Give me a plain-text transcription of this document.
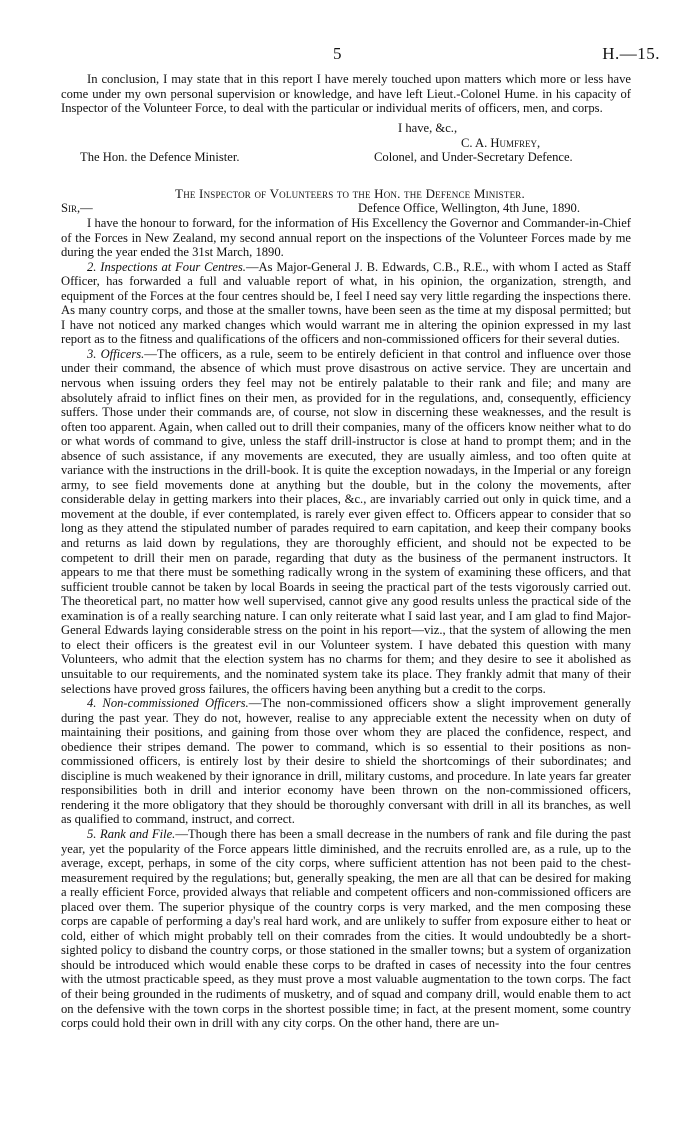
5	H.—15.
In conclusion, I may state that in this report I have merely touched upon matters which more or less have come under my own personal supervision or knowledge, and have left Lieut.-Colonel Hume. in his capacity of Inspector of the Volunteer Force, to deal with the particular or individual merits of officers, men, and corps.
I have, &c.,
C. A. Humfrey,
The Hon. the Defence Minister.	Colonel, and Under-Secretary Defence.
The Inspector of Volunteers to the Hon. the Defence Minister.
Sir,—	Defence Office, Wellington, 4th June, 1890.

I have the honour to forward, for the information of His Excellency the Governor and Commander-in-Chief of the Forces in New Zealand, my second annual report on the inspections of the Volunteer Forces made by me during the year ended the 31st March, 1890.

2. Inspections at Four Centres.—As Major-General J. B. Edwards, C.B., R.E., with whom I acted as Staff Officer, has forwarded a full and valuable report of what, in his opinion, the organization, strength, and equipment of the Forces at the four centres should be, I feel I need say very little regarding the inspections there. As many country corps, and those at the smaller towns, have been seen as the time at my disposal permitted; but I have not noticed any marked changes which would warrant me in altering the opinion expressed in my last report as to the fitness and qualifications of the officers and non-commissioned officers for their several duties.

3. Officers.—The officers, as a rule, seem to be entirely deficient in that control and influence over those under their command, the absence of which must prove disastrous on active service. They are uncertain and nervous when issuing orders they feel may not be entirely palatable to their rank and file; and many are absolutely afraid to inflict fines on their men, as provided for in the regulations, and, consequently, efficiency suffers. Those under their commands are, of course, not slow in discerning these weaknesses, and the result is often too apparent. Again, when called out to drill their companies, many of the officers know neither what to do or what words of command to give, unless the staff drill-instructor is close at hand to prompt them; and in the absence of such assistance, if any movements are executed, they are usually aimless, and too often quite at variance with the instructions in the drill-book. It is quite the exception nowadays, in the Imperial or any foreign army, to see field movements done at anything but the double, but in the colony the movements, after considerable delay in getting markers into their places, &c., are invariably carried out only in quick time, and a movement at the double, if ever contemplated, is rarely ever given effect to. Officers appear to consider that so long as they attend the stipulated number of parades required to earn capitation, and keep their company books and returns as laid down by regulations, they are thoroughly efficient, and should not be expected to be competent to drill their men on parade, regarding that duty as the business of the permanent instructors. It appears to me that there must be something radically wrong in the system of examining these officers, and that sufficient trouble cannot be taken by local Boards in seeing the practical part of the tests vigorously carried out. The theoretical part, no matter how well supervised, cannot give any good results unless the practical side of the examination is of a really searching nature. I can only reiterate what I said last year, and I am glad to find Major-General Edwards laying considerable stress on the point in his report—viz., that the system of allowing the men to elect their officers is the greatest evil in our Volunteer system. I have debated this question with many Volunteers, who admit that the election system has no charms for them; and they desire to see it abolished as unsuitable to our requirements, and the nominated system take its place. They frankly admit that many of their selections have proved gross failures, the officers having been anything but a credit to the corps.

4. Non-commissioned Officers.—The non-commissioned officers show a slight improvement generally during the past year. They do not, however, realise to any appreciable extent the necessity when on duty of maintaining their positions, and gaining from those over whom they are placed the confidence, respect, and obedience their stripes demand. The power to command, which is so essential to their positions as non-commissioned officers, is entirely lost by their desire to shield the shortcomings of their subordinates; and discipline is much weakened by their ignorance in drill, military customs, and procedure. In late years far greater responsibilities both in drill and interior economy have been thrown on the non-commissioned officers, rendering it the more obligatory that they should be thoroughly conversant with drill in all its branches, as well as qualified to command, instruct, and correct.

5. Rank and File.—Though there has been a small decrease in the numbers of rank and file during the past year, yet the popularity of the Force appears little diminished, and the recruits enrolled are, as a rule, up to the average, except, perhaps, in some of the city corps, where sufficient attention has not been paid to the chest-measurement required by the regulations; but, generally speaking, the men are all that can be desired for making a really efficient Force, provided always that reliable and competent officers and non-commissioned officers are placed over them. The superior physique of the country corps is very marked, and the men composing these corps are capable of performing a day's real hard work, and are unlikely to suffer from exposure either to heat or cold, either of which might probably tell on their comrades from the cities. It would undoubtedly be a short-sighted policy to disband the country corps, or those stationed in the smaller towns; but a system of organization should be introduced which would enable these corps to be drafted in cases of necessity into the four centres with the utmost practicable speed, as they must prove a most valuable augmentation to the town corps. The fact of their being grounded in the rudiments of musketry, and of squad and company drill, would enable them to act on the defensive with the town corps in the shortest possible time; in fact, at the present moment, some country corps could hold their own in drill with any city corps. On the other hand, there are un-
